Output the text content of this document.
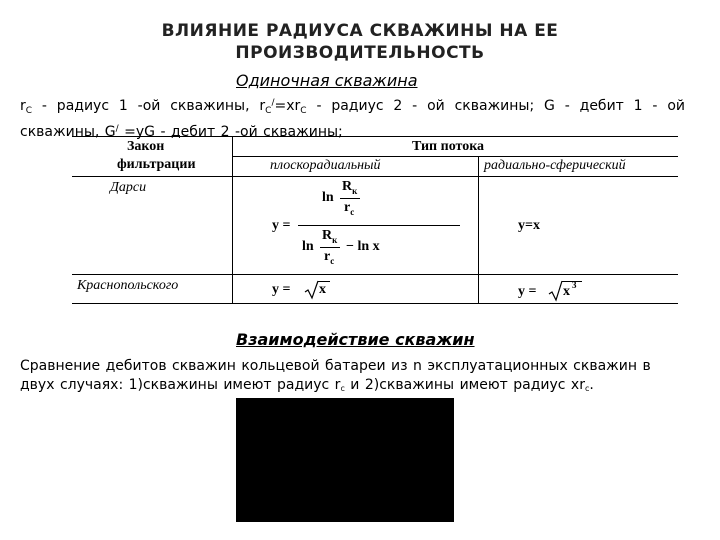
ВЛИЯНИЕ РАДИУСА СКВАЖИНЫ НА ЕЕ
ПРОИЗВОДИТЕЛЬНОСТЬ
Одиночная скважина
$r_С$ - радиус 1 -ой скважины, $r_С^/=xr_С$ - радиус 2 - ой скважины; G - дебит 1 - ой скважины, G/ =yG - дебит 2 -ой скважины;
Закон
фильтрации
Тип потока
плоскорадиальный	радиально-сферический
Дарси
Краснопольского
y =
ln
$R_к$
$r_c$
ln
$R_к$
$r_c$
− ln x
y=x
y = x	y = x 3
Взаимодействие скважин
Сравнение дебитов скважин кольцевой батареи из n эксплуатационных скважин в
двух случаях: 1)скважины имеют радиус $r_c$ и 2)скважины имеют радиус $xr_c$.
